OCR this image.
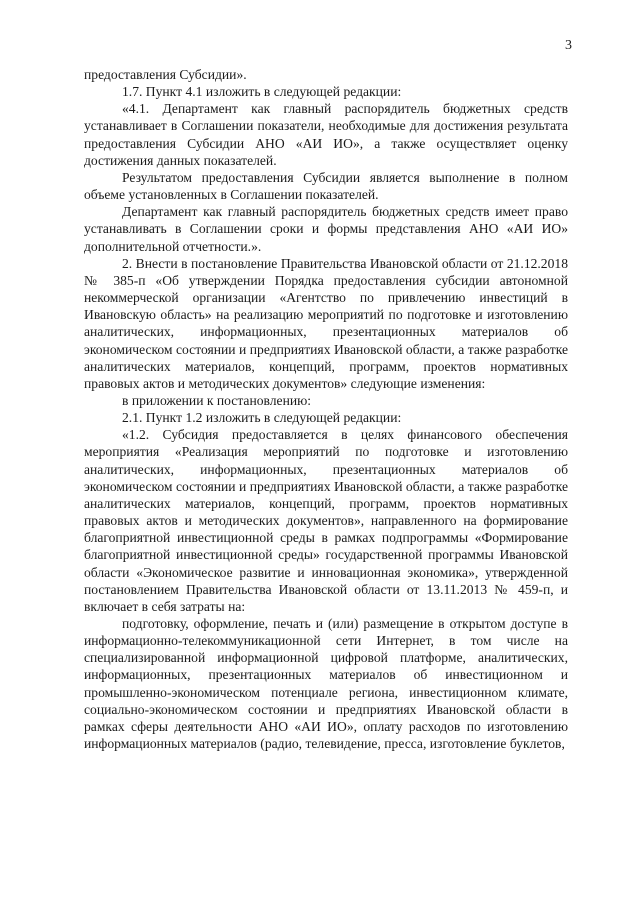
3

предоставления Субсидии».

1.7. Пункт 4.1 изложить в следующей редакции:

«4.1. Департамент как главный распорядитель бюджетных средств устанавливает в Соглашении показатели, необходимые для достижения результата предоставления Субсидии АНО «АИ ИО», а также осуществляет оценку достижения данных показателей.

Результатом предоставления Субсидии является выполнение в полном объеме установленных в Соглашении показателей.

Департамент как главный распорядитель бюджетных средств имеет право устанавливать в Соглашении сроки и формы представления АНО «АИ ИО» дополнительной отчетности.».

2. Внести в постановление Правительства Ивановской области от 21.12.2018 № 385-п «Об утверждении Порядка предоставления субсидии автономной некоммерческой организации «Агентство по привлечению инвестиций в Ивановскую область» на реализацию мероприятий по подготовке и изготовлению аналитических, информационных, презентационных материалов об экономическом состоянии и предприятиях Ивановской области, а также разработке аналитических материалов, концепций, программ, проектов нормативных правовых актов и методических документов» следующие изменения:

в приложении к постановлению:

2.1. Пункт 1.2 изложить в следующей редакции:

«1.2. Субсидия предоставляется в целях финансового обеспечения мероприятия «Реализация мероприятий по подготовке и изготовлению аналитических, информационных, презентационных материалов об экономическом состоянии и предприятиях Ивановской области, а также разработке аналитических материалов, концепций, программ, проектов нормативных правовых актов и методических документов», направленного на формирование благоприятной инвестиционной среды в рамках подпрограммы «Формирование благоприятной инвестиционной среды» государственной программы Ивановской области «Экономическое развитие и инновационная экономика», утвержденной постановлением Правительства Ивановской области от 13.11.2013 № 459-п, и включает в себя затраты на:

подготовку, оформление, печать и (или) размещение в открытом доступе в информационно-телекоммуникационной сети Интернет, в том числе на специализированной информационной цифровой платформе, аналитических, информационных, презентационных материалов об инвестиционном и промышленно-экономическом потенциале региона, инвестиционном климате, социально-экономическом состоянии и предприятиях Ивановской области в рамках сферы деятельности АНО «АИ ИО», оплату расходов по изготовлению информационных материалов (радио, телевидение, пресса, изготовление буклетов,
